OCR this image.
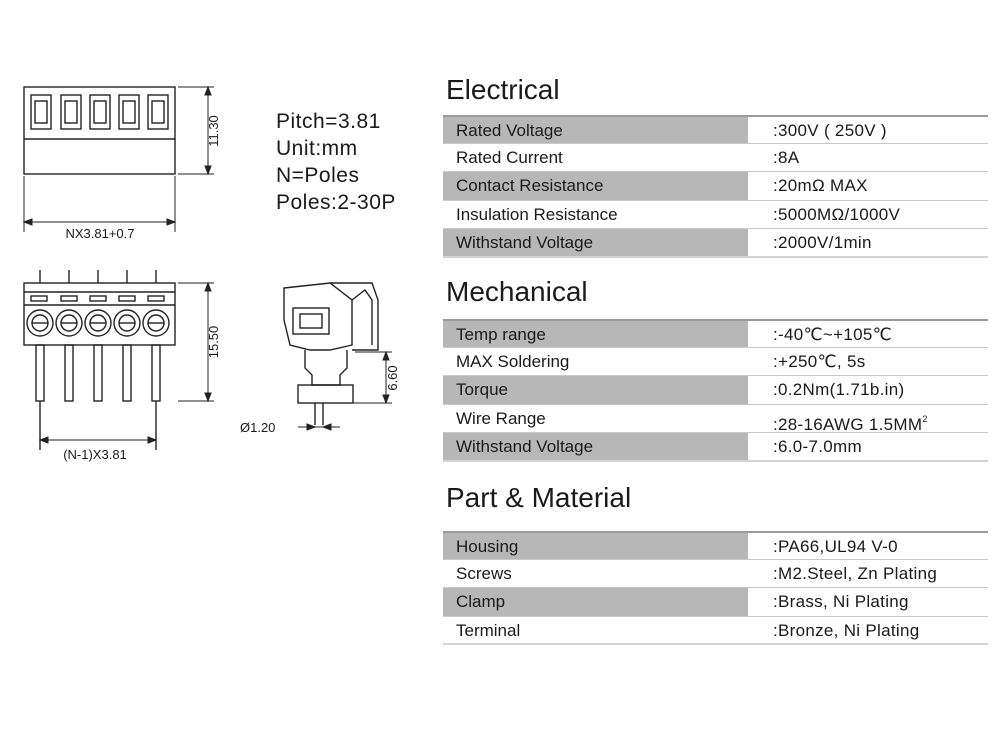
11.30
NX3.81+0.7
15.50
(N-1)X3.81
6.60
Ø1.20
Pitch=3.81
Unit:mm
N=Poles
Poles:2-30P
Electrical
Rated Voltage	:300V ( 250V )
Rated Current	:8A
Contact Resistance	:20mΩ MAX
Insulation Resistance	:5000MΩ/1000V
Withstand Voltage	:2000V/1min
Mechanical
Temp range	:-40℃~+105℃
MAX Soldering	:+250℃, 5s
Torque	:0.2Nm(1.71b.in)
Wire Range	:28-16AWG $1.5MM^2$
Withstand Voltage	:6.0-7.0mm
Part & Material
Housing	:PA66,UL94 V-0
Screws	:M2.Steel, Zn Plating
Clamp	:Brass, Ni Plating
Terminal	:Bronze, Ni Plating
